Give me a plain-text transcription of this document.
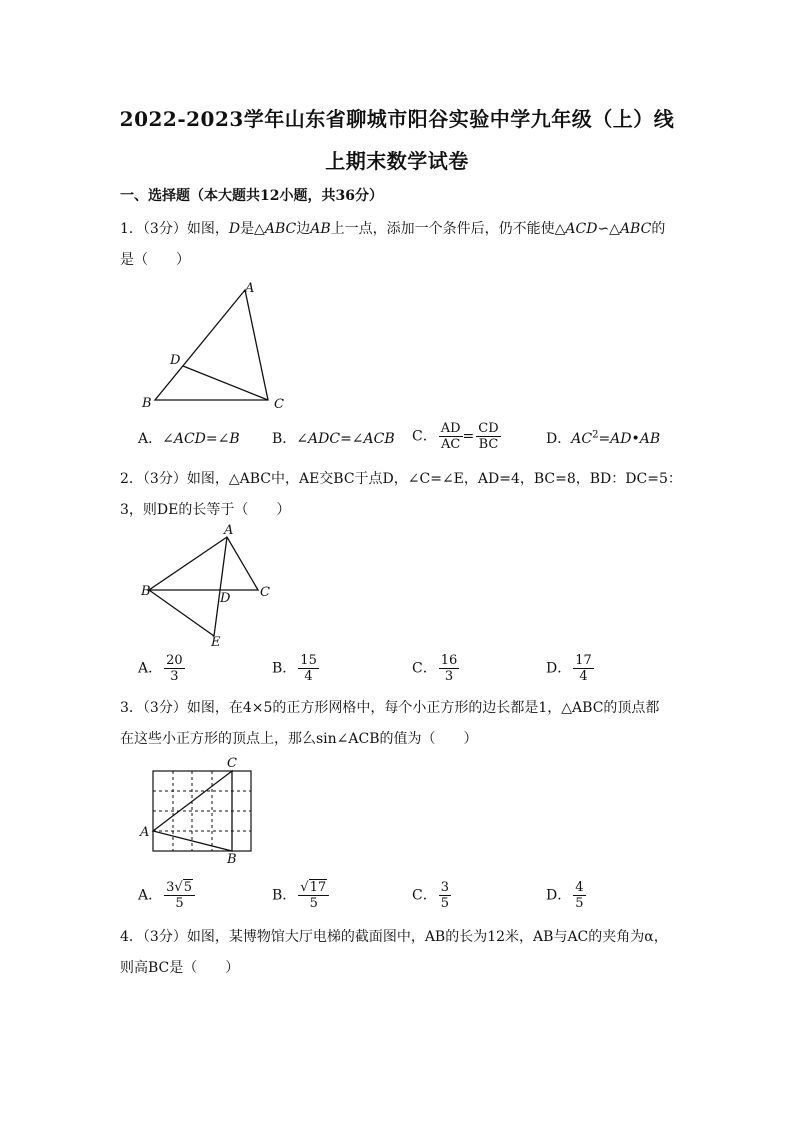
2022-2023学年山东省聊城市阳谷实验中学九年级（上）线
上期末数学试卷
一、选择题（本大题共12小题，共36分）
1．（3分）如图，D是△ABC边AB上一点，添加一个条件后，仍不能使△ACD∽△ABC的
是（　　）
A
D
B	C
A．∠ACD=∠B B．∠ADC=∠ACB C． $\frac{AD}{AC} = \frac{CD}{BC}$	D．$AC^2=AD•AB$
2．（3分）如图，△ABC中，AE交BC于点D，∠C=∠E，AD=4，BC=8，BD：DC=5：
3，则DE的长等于（　　）
A
B	C
D
E
A． $\frac{20}{3}$	B． $\frac{15}{4}$	C． $\frac{16}{3}$	D． $\frac{17}{4}$
3．（3分）如图，在4×5的正方形网格中，每个小正方形的边长都是1，△ABC的顶点都
在这些小正方形的顶点上，那么sin∠ACB的值为（　　）
C
A
B
A． $\frac{3√5}{5}$	B． $\frac{√17}{5}$	C． $\frac{3}{5}$	D． $\frac{4}{5}$
4．（3分）如图，某博物馆大厅电梯的截面图中，AB的长为12米，AB与AC的夹角为α，
则高BC是（　　）
